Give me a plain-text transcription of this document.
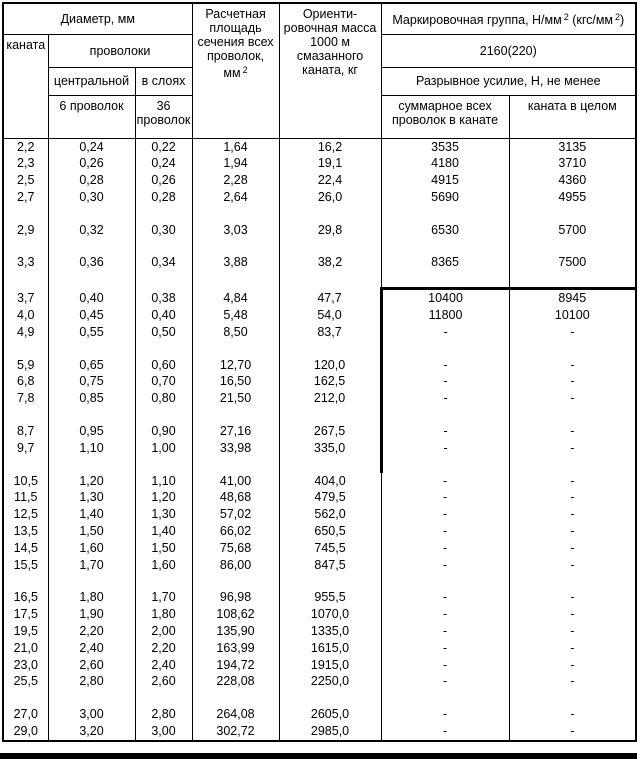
Диаметр, мм			Расчетная площадь сечения всех проволок, мм $^2$	Ориенти-ровочная масса 1000 м смазанного каната, кг	Маркировочная группа, Н/мм $^2$ (кгс/мм $^2$)	
каната	проволоки				2160(220)	
	центральной	в слоях			Разрывное усилие, Н, не менее	
	6 проволок	36 проволок			суммарное всех проволок в канате	каната в целом
2,2	0,24	0,22	1,64	16,2	3535	3135
2,3	0,26	0,24	1,94	19,1	4180	3710
2,5	0,28	0,26	2,28	22,4	4915	4360
2,7	0,30	0,28	2,64	26,0	5690	4955

2,9	0,32	0,30	3,03	29,8	6530	5700

3,3	0,36	0,34	3,88	38,2	8365	7500

3,7	0,40	0,38	4,84	47,7	10400	8945
4,0	0,45	0,40	5,48	54,0	11800	10100
4,9	0,55	0,50	8,50	83,7	-	-

5,9	0,65	0,60	12,70	120,0	-	-
6,8	0,75	0,70	16,50	162,5	-	-
7,8	0,85	0,80	21,50	212,0	-	-

8,7	0,95	0,90	27,16	267,5	-	-
9,7	1,10	1,00	33,98	335,0	-	-

10,5	1,20	1,10	41,00	404,0	-	-
11,5	1,30	1,20	48,68	479,5	-	-
12,5	1,40	1,30	57,02	562,0	-	-
13,5	1,50	1,40	66,02	650,5	-	-
14,5	1,60	1,50	75,68	745,5	-	-
15,5	1,70	1,60	86,00	847,5	-	-

16,5	1,80	1,70	96,98	955,5	-	-
17,5	1,90	1,80	108,62	1070,0	-	-
19,5	2,20	2,00	135,90	1335,0	-	-
21,0	2,40	2,20	163,99	1615,0	-	-
23,0	2,60	2,40	194,72	1915,0	-	-
25,5	2,80	2,60	228,08	2250,0	-	-

27,0	3,00	2,80	264,08	2605,0	-	-
29,0	3,20	3,00	302,72	2985,0	-	-
